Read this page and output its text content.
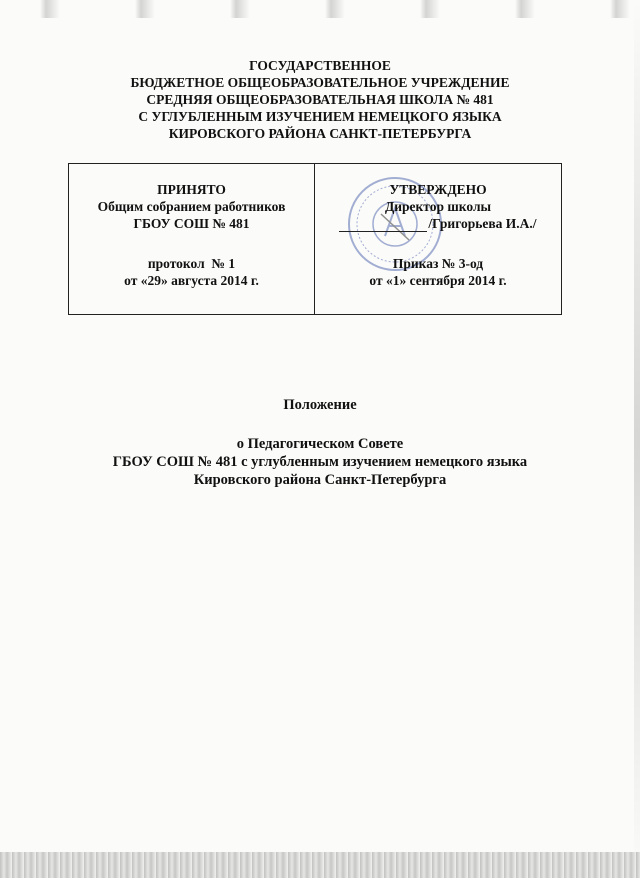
ГОСУДАРСТВЕННОЕ
БЮДЖЕТНОЕ ОБЩЕОБРАЗОВАТЕЛЬНОЕ УЧРЕЖДЕНИЕ
СРЕДНЯЯ ОБЩЕОБРАЗОВАТЕЛЬНАЯ ШКОЛА № 481
С УГЛУБЛЕННЫМ ИЗУЧЕНИЕМ НЕМЕЦКОГО ЯЗЫКА
КИРОВСКОГО РАЙОНА САНКТ-ПЕТЕРБУРГА
ПРИНЯТО
Общим собранием работников
ГБОУ СОШ № 481
протокол  № 1
от «29» августа 2014 г.
УТВЕРЖДЕНО
Директор школы
/Григорьева И.А./
Приказ № 3-од
от «1» сентября 2014 г.
Положение
о Педагогическом Совете
ГБОУ СОШ № 481 с углубленным изучением немецкого языка
Кировского района Санкт-Петербурга
